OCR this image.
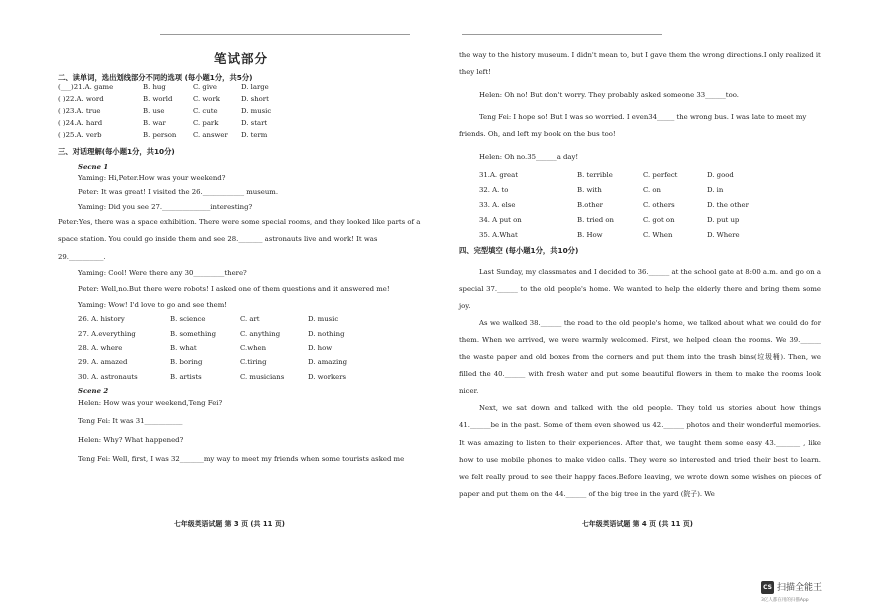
笔试部分
二、读单词，选出划线部分不同的选项 (每小题1分，共5分)
(___)21.A. game	B. hug	C. give	D. large
( )22.A. word	B. world	C. work	D. short
( )23.A. true	B. use	C. cute	D. music
( )24.A. hard	B. war	C. park	D. start
( )25.A. verb	B. person	C. answer	D. term
三、对话理解(每小题1分，共10分)
Secne 1
Yaming: Hi,Peter.How was your weekend?
Peter: It was great! I visited the 26.____________ museum.
Yaming: Did you see 27.______________interesting?
Peter:Yes, there was a space exhibition. There were some special rooms, and they looked like parts of a space station. You could go inside them and see 28._______ astronauts live and work! It was 29.__________.
Yaming: Cool! Were there any 30_________there?
Peter: Well,no.But there were robots! I asked one of them questions and it answered me!
Yaming: Wow! I'd love to go and see them!
26. A. history	B. science	C. art	D. music
27. A.everything	B. something	C. anything	D. nothing
28. A. where	B. what	C.when	D. how
29. A. amazed	B. boring	C.tiring	D. amazing
30. A. astronauts	B. artists	C. musicians	D. workers
Scene 2
Helen: How was your weekend,Teng Fei?
Teng Fei: It was 31___________
Helen: Why? What happened?
Teng Fei: Well, first, I was 32_______my way to meet my friends when some tourists asked me
七年级英语试题 第 3 页 (共 11 页)
the way to the history museum. I didn't mean to, but I gave them the wrong directions.I only realized it they left!
Helen: Oh no! But don't worry. They probably asked someone 33______too.
Teng Fei: I hope so! But I was so worried. I even34_____ the wrong bus. I was late to meet my friends. Oh, and left my book on the bus too!
Helen: Oh no.35______a day!
31.A. great	B. terrible	C. perfect	D. good
32. A. to	B. with	C. on	D. in
33. A. else	B.other	C. others	D. the other
34. A put on	B. tried on	C. got on	D. put up
35. A.What	B. How	C. When	D. Where
四、完型填空 (每小题1分，共10分)

Last Sunday, my classmates and I decided to 36.______ at the school gate at 8:00 a.m. and go on a special 37.______ to the old people's home. We wanted to help the elderly there and bring them some joy.

As we walked 38.______ the road to the old people's home, we talked about what we could do for them. When we arrived, we were warmly welcomed. First, we helped clean the rooms. We 39.______ the waste paper and old boxes from the corners and put them into the trash bins(垃圾桶). Then, we filled the 40.______ with fresh water and put some beautiful flowers in them to make the rooms look nicer.

Next, we sat down and talked with the old people. They told us stories about how things 41.______be in the past. Some of them even showed us 42.______ photos and their wonderful memories. It was amazing to listen to their experiences. After that, we taught them some easy 43._______ , like how to use mobile phones to make video calls. They were so interested and tried their best to learn. we felt really proud to see their happy faces.Before leaving, we wrote down some wishes on pieces of paper and put them on the 44.______ of the big tree in the yard (院子). We

七年级英语试题 第 4 页 (共 11 页)
CS 扫描全能王
3亿人都在用的扫描App
